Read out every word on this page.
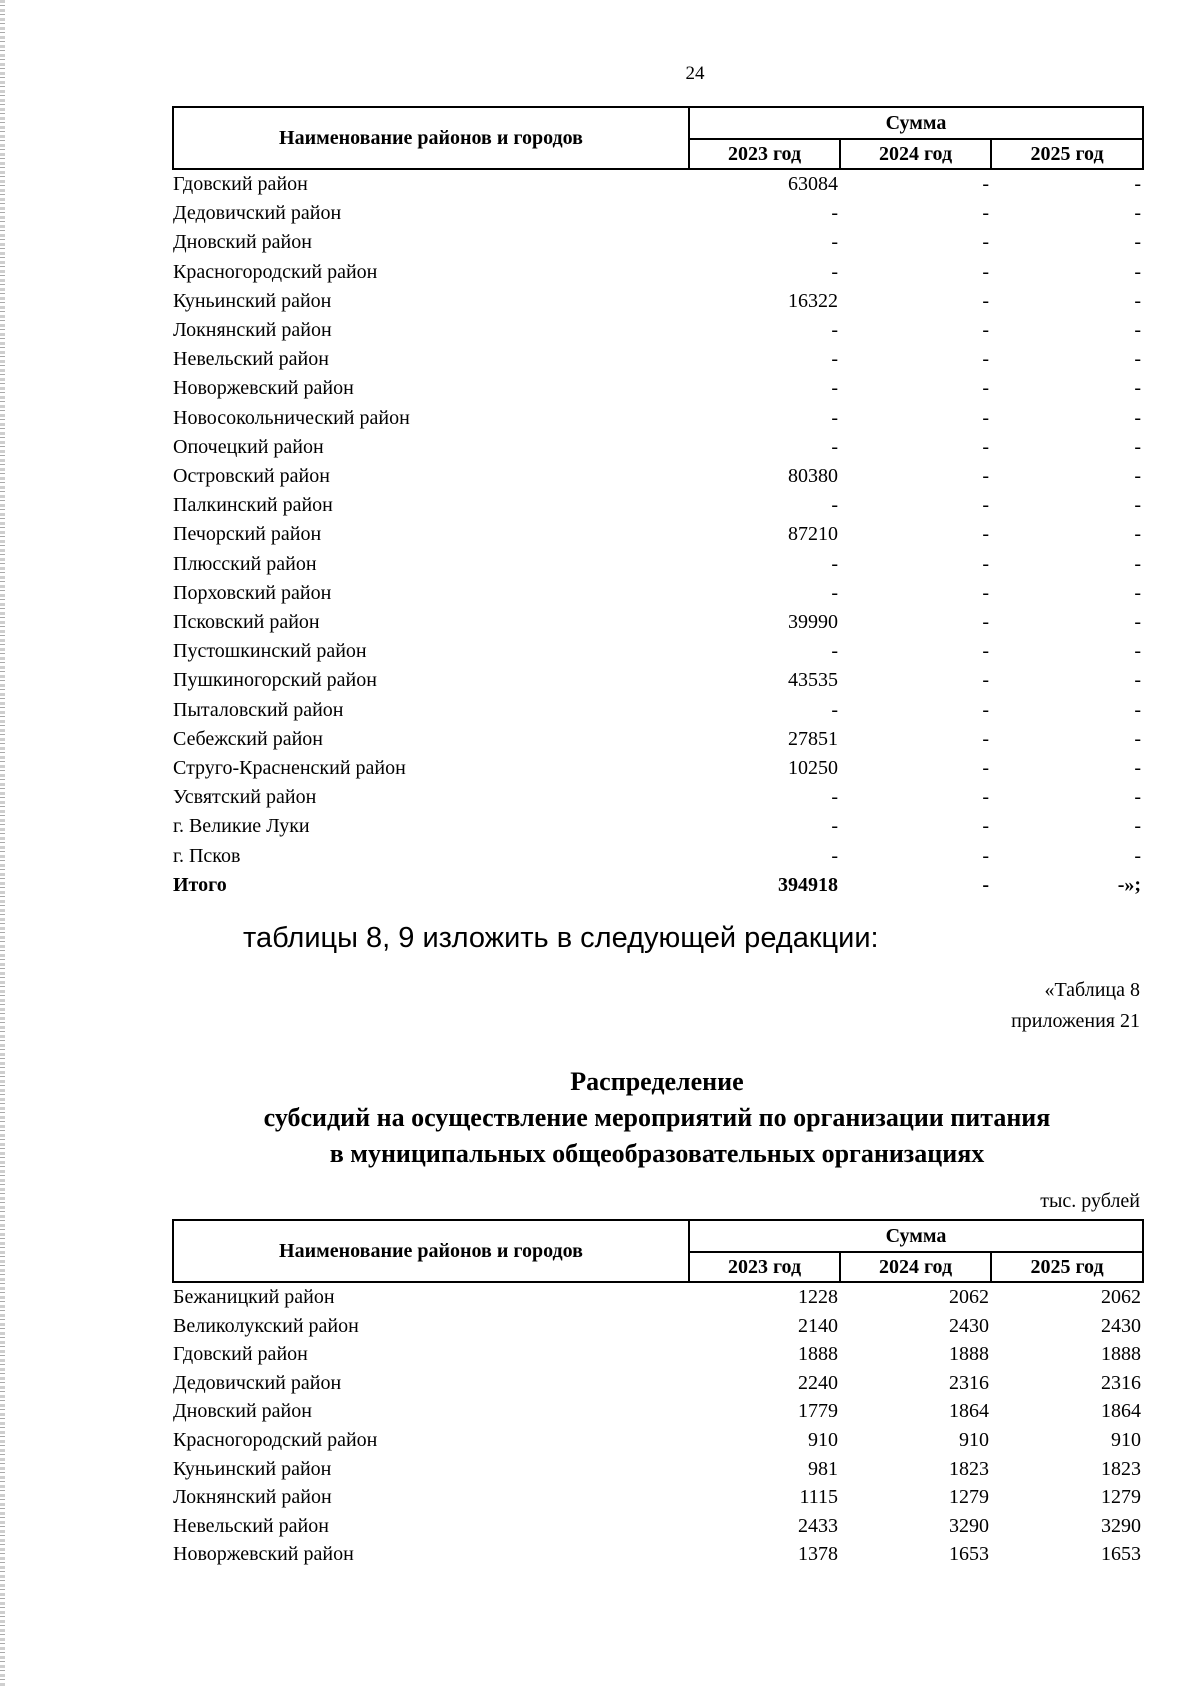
24
Наименование районов и городов	Сумма		
	2023 год	2024 год	2025 год
Гдовский район	63084	-	-
Дедовичский район	-	-	-
Дновский район	-	-	-
Красногородский район	-	-	-
Куньинский район	16322	-	-
Локнянский район	-	-	-
Невельский район	-	-	-
Новоржевский район	-	-	-
Новосокольнический район	-	-	-
Опочецкий район	-	-	-
Островский район	80380	-	-
Палкинский район	-	-	-
Печорский район	87210	-	-
Плюсский район	-	-	-
Порховский район	-	-	-
Псковский район	39990	-	-
Пустошкинский район	-	-	-
Пушкиногорский район	43535	-	-
Пыталовский район	-	-	-
Себежский район	27851	-	-
Струго-Красненский район	10250	-	-
Усвятский район	-	-	-
г. Великие Луки	-	-	-
г. Псков	-	-	-
Итого	394918	-	-»;
таблицы 8, 9 изложить в следующей редакции:
«Таблица 8
приложения 21
Распределение
субсидий на осуществление мероприятий по организации питания
в муниципальных общеобразовательных организациях
тыс. рублей
Наименование районов и городов	Сумма		
	2023 год	2024 год	2025 год
Бежаницкий район	1228	2062	2062
Великолукский район	2140	2430	2430
Гдовский район	1888	1888	1888
Дедовичский район	2240	2316	2316
Дновский район	1779	1864	1864
Красногородский район	910	910	910
Куньинский район	981	1823	1823
Локнянский район	1115	1279	1279
Невельский район	2433	3290	3290
Новоржевский район	1378	1653	1653
